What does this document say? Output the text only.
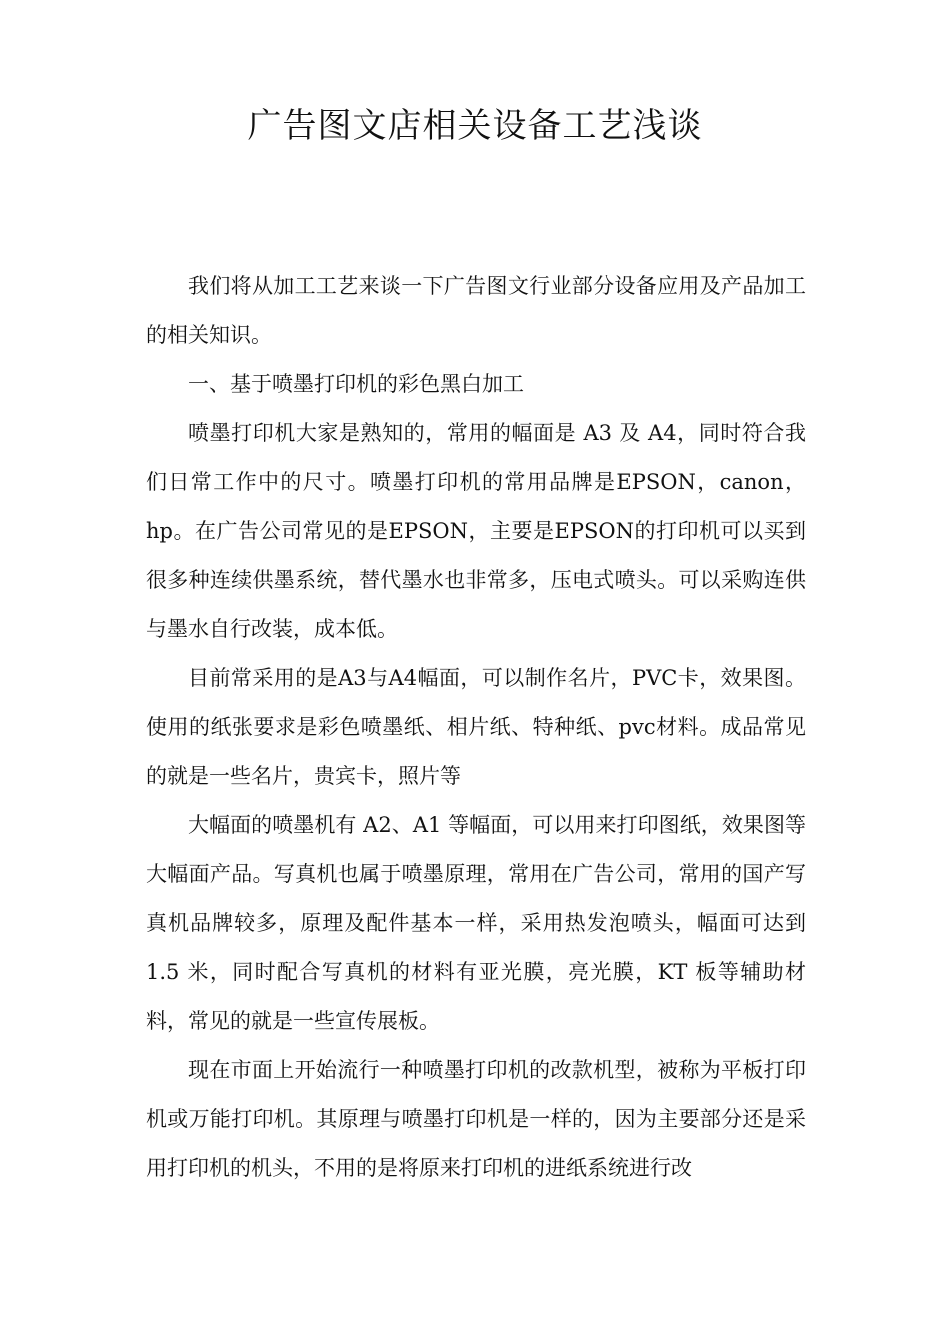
广告图文店相关设备工艺浅谈

我们将从加工工艺来谈一下广告图文行业部分设备应用及产品加工的相关知识。

一、基于喷墨打印机的彩色黑白加工

喷墨打印机大家是熟知的，常用的幅面是 A3 及 A4，同时符合我们日常工作中的尺寸。喷墨打印机的常用品牌是EPSON，canon，hp。在广告公司常见的是EPSON，主要是EPSON的打印机可以买到很多种连续供墨系统，替代墨水也非常多，压电式喷头。可以采购连供与墨水自行改装，成本低。

目前常采用的是A3与A4幅面，可以制作名片，PVC卡，效果图。使用的纸张要求是彩色喷墨纸、相片纸、特种纸、pvc材料。成品常见的就是一些名片，贵宾卡，照片等

大幅面的喷墨机有 A2、A1 等幅面，可以用来打印图纸，效果图等大幅面产品。写真机也属于喷墨原理，常用在广告公司，常用的国产写真机品牌较多，原理及配件基本一样，采用热发泡喷头，幅面可达到 1.5 米，同时配合写真机的材料有亚光膜，亮光膜，KT 板等辅助材料，常见的就是一些宣传展板。

现在市面上开始流行一种喷墨打印机的改款机型，被称为平板打印机或万能打印机。其原理与喷墨打印机是一样的，因为主要部分还是采用打印机的机头，不用的是将原来打印机的进纸系统进行改
